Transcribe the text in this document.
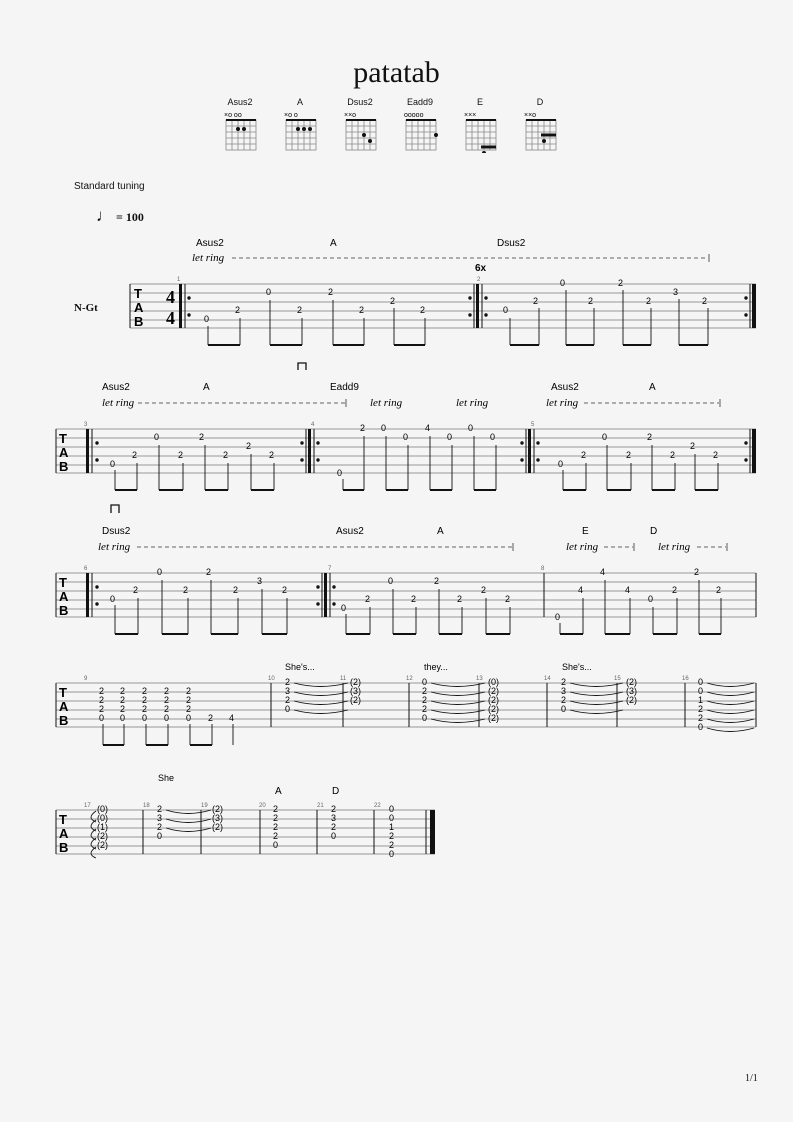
patatab
Asus2
×o oo
A
×o o
Dsus2
××o
Eadd9
ooooo
E
×××
D
××o
Standard tuning
♩ = 100
N-Gt
1/1
Asus2	A	Dsus2
let ring
6x
T
A
B
4
4
1	2
0
2
0
2
2
2	0
2
0
2
2
2
3
2
2
2
Asus2	A	Eadd9	Asus2	A
let ring	let ring	let ring	let ring
T
A
B
3	4	5
0
2
0
2
2
2
2
2
0
2 0
0
4
0
0
0
0
2
0
2
2
2
2
2
Dsus2	Asus2	A	E	D
let ring	let ring	let ring
T
A
B
6	7	8
0
2
0
2
2
2
3
2
0
2
0
2
2
2
2
2
0
4
4
4
0
2
2
2
She's...	they...	She's...
T
A
B
9	10	11	12	13	14	15	16
2
2
2
0
2
2
2
0
2
2
2
0
2
2
2
0
2
2
2
0 2 4
2
3
2
0
(2)
(3)
(2)
0
2
2
2
0
(0)
(2)
(2)
(2)
(2)
2
3
2
0
(2)
(3)
(2)
0
0
1
2
2
0
She
A	D
T
A
B
17	18	19	20	21	22
(0)
(0)
(1)
(2)
(2)
2
3
2
0
(2)
(3)
(2)
2
2
2
2
0
2
3
2
0
0
0
1
2
2
0
